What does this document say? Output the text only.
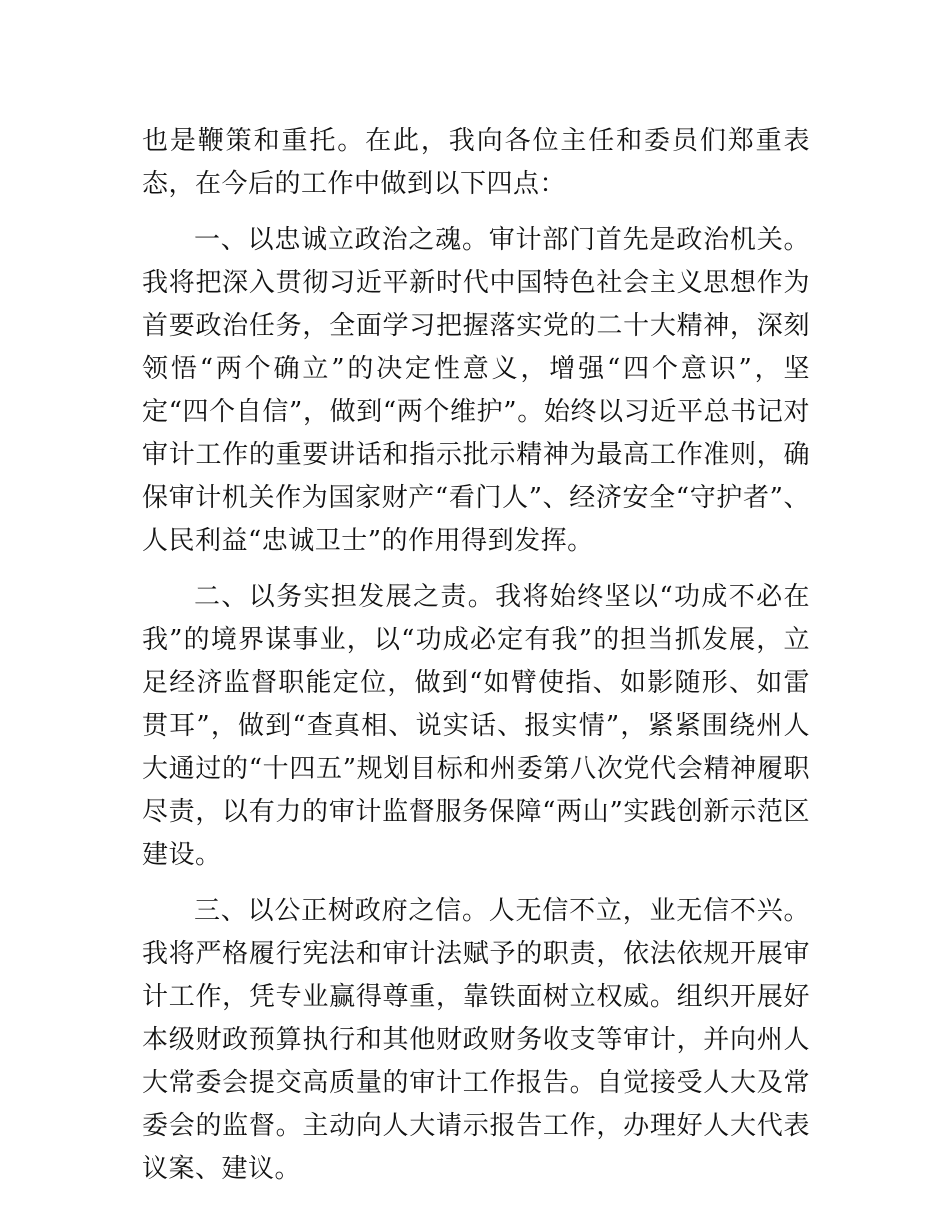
也是鞭策和重托。在此，我向各位主任和委员们郑重表态，在今后的工作中做到以下四点：

一、以忠诚立政治之魂。审计部门首先是政治机关。我将把深入贯彻习近平新时代中国特色社会主义思想作为首要政治任务，全面学习把握落实党的二十大精神，深刻领悟“两个确立”的决定性意义，增强“四个意识”，坚定“四个自信”，做到“两个维护”。始终以习近平总书记对审计工作的重要讲话和指示批示精神为最高工作准则，确保审计机关作为国家财产“看门人”、经济安全“守护者”、人民利益“忠诚卫士”的作用得到发挥。

二、以务实担发展之责。我将始终坚以“功成不必在我”的境界谋事业，以“功成必定有我”的担当抓发展，立足经济监督职能定位，做到“如臂使指、如影随形、如雷贯耳”，做到“查真相、说实话、报实情”，紧紧围绕州人大通过的“十四五”规划目标和州委第八次党代会精神履职尽责，以有力的审计监督服务保障“两山”实践创新示范区建设。

三、以公正树政府之信。人无信不立，业无信不兴。我将严格履行宪法和审计法赋予的职责，依法依规开展审计工作，凭专业赢得尊重，靠铁面树立权威。组织开展好本级财政预算执行和其他财政财务收支等审计，并向州人大常委会提交高质量的审计工作报告。自觉接受人大及常委会的监督。主动向人大请示报告工作，办理好人大代表议案、建议。
